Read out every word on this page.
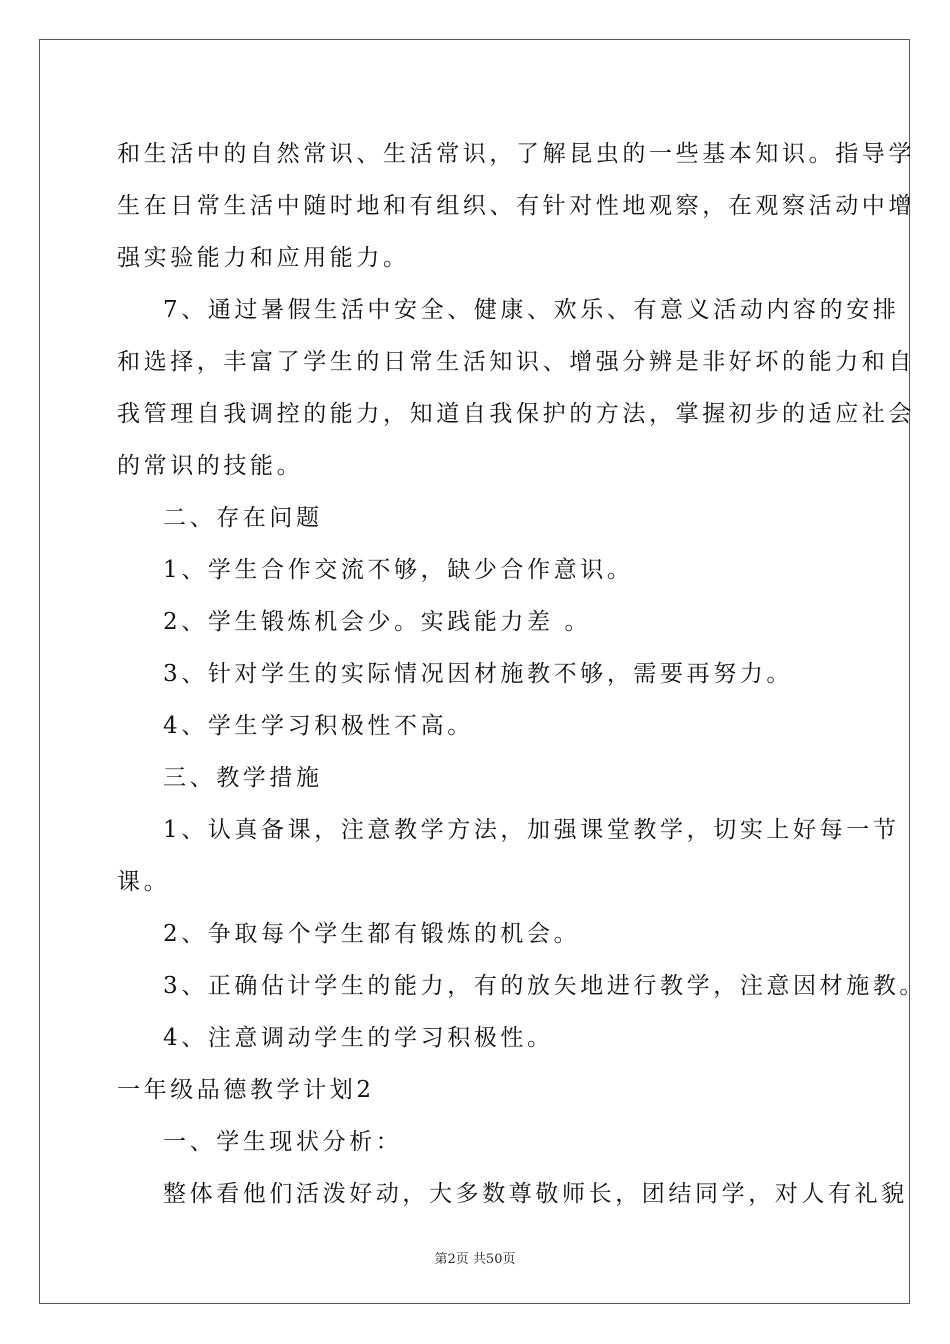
和生活中的自然常识、生活常识，了解昆虫的一些基本知识。指导学
生在日常生活中随时地和有组织、有针对性地观察，在观察活动中增
强实验能力和应用能力。
7、通过暑假生活中安全、健康、欢乐、有意义活动内容的安排
和选择，丰富了学生的日常生活知识、增强分辨是非好坏的能力和自
我管理自我调控的能力，知道自我保护的方法，掌握初步的适应社会
的常识的技能。
二、存在问题
1、学生合作交流不够，缺少合作意识。
2、学生锻炼机会少。实践能力差 。
3、针对学生的实际情况因材施教不够，需要再努力。
4、学生学习积极性不高。
三、教学措施
1、认真备课，注意教学方法，加强课堂教学，切实上好每一节
课。
2、争取每个学生都有锻炼的机会。
3、正确估计学生的能力，有的放矢地进行教学，注意因材施教。
4、注意调动学生的学习积极性。
一年级品德教学计划2
一、学生现状分析：
整体看他们活泼好动，大多数尊敬师长，团结同学，对人有礼貌
第2页 共50页
